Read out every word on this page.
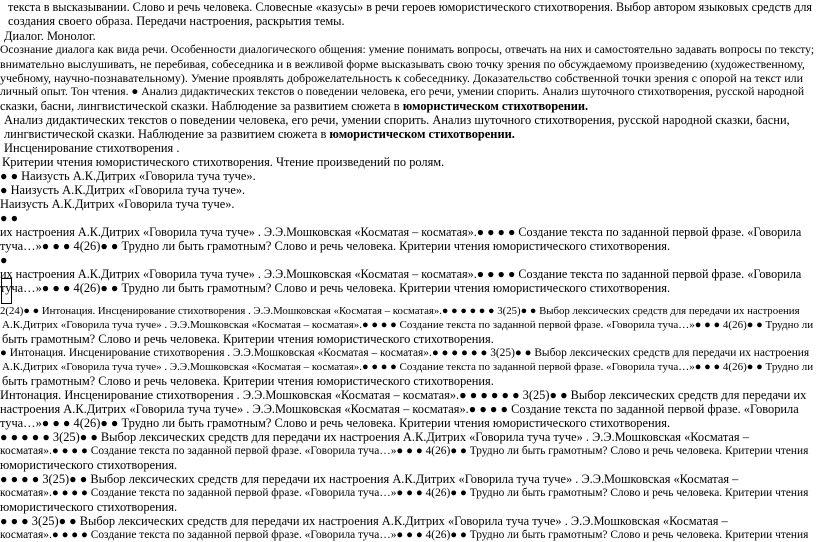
текста в высказывании. Слово и речь человека. Словесные «казусы» в речи героев юмористического стихотворения. Выбор автором языковых средств для
создания своего образа. Передачи настроения, раскрытия темы.
Диалог. Монолог.
Осознание диалога как вида речи. Особенности диалогического общения: умение понимать вопросы, отвечать на них и самостоятельно задавать вопросы по тексту;
внимательно выслушивать, не перебивая, собеседника и в вежливой форме высказывать свою точку зрения по обсуждаемому произведению (художественному,
учебному, научно-познавательному). Умение проявлять доброжелательность к собеседнику. Доказательство собственной точки зрения с опорой на текст или
личный опыт. Тон чтения. ● Анализ дидактических текстов о поведении человека, его речи, умении спорить. Анализ шуточного стихотворения, русской народной
сказки, басни, лингвистической сказки. Наблюдение за развитием сюжета в юмористическом стихотворении.
Анализ дидактических текстов о поведении человека, его речи, умении спорить. Анализ шуточного стихотворения, русской народной сказки, басни,
лингвистической сказки. Наблюдение за развитием сюжета в юмористическом стихотворении.
Инсценирование стихотворения .
Критерии чтения юмористического стихотворения. Чтение произведений по ролям.
● ● Наизусть А.К.Дитрих «Говорила туча туче».
● Наизусть А.К.Дитрих «Говорила туча туче».
Наизусть А.К.Дитрих «Говорила туча туче».
● ●
их настроения А.К.Дитрих «Говорила туча туче» . Э.Э.Мошковская «Косматая – косматая».● ● ● ● Создание текста по заданной первой фразе. «Говорила
туча…»● ● ● 4(26)● ● Трудно ли быть грамотным? Слово и речь человека. Критерии чтения юмористического стихотворения.
●
их настроения А.К.Дитрих «Говорила туча туче» . Э.Э.Мошковская «Косматая – косматая».● ● ● ● Создание текста по заданной первой фразе. «Говорила
туча…»● ● ● 4(26)● ● Трудно ли быть грамотным? Слово и речь человека. Критерии чтения юмористического стихотворения.
2(24)● ● Интонация. Инсценирование стихотворения . Э.Э.Мошковская «Косматая – косматая».● ● ● ● ● ● 3(25)● ● Выбор лексических средств для передачи их настроения
А.К.Дитрих «Говорила туча туче» . Э.Э.Мошковская «Косматая – косматая».● ● ● ● Создание текста по заданной первой фразе. «Говорила туча…»● ● ● 4(26)● ● Трудно ли
быть грамотным? Слово и речь человека. Критерии чтения юмористического стихотворения.
● Интонация. Инсценирование стихотворения . Э.Э.Мошковская «Косматая – косматая».● ● ● ● ● ● 3(25)● ● Выбор лексических средств для передачи их настроения
А.К.Дитрих «Говорила туча туче» . Э.Э.Мошковская «Косматая – косматая».● ● ● ● Создание текста по заданной первой фразе. «Говорила туча…»● ● ● 4(26)● ● Трудно ли
быть грамотным? Слово и речь человека. Критерии чтения юмористического стихотворения.
Интонация. Инсценирование стихотворения . Э.Э.Мошковская «Косматая – косматая».● ● ● ● ● ● 3(25)● ● Выбор лексических средств для передачи их
настроения А.К.Дитрих «Говорила туча туче» . Э.Э.Мошковская «Косматая – косматая».● ● ● ● Создание текста по заданной первой фразе. «Говорила
туча…»● ● ● 4(26)● ● Трудно ли быть грамотным? Слово и речь человека. Критерии чтения юмористического стихотворения.
● ● ● ● ● 3(25)● ● Выбор лексических средств для передачи их настроения А.К.Дитрих «Говорила туча туче» . Э.Э.Мошковская «Косматая –
косматая».● ● ● ● Создание текста по заданной первой фразе. «Говорила туча…»● ● ● 4(26)● ● Трудно ли быть грамотным? Слово и речь человека. Критерии чтения
юмористического стихотворения.
● ● ● ● 3(25)● ● Выбор лексических средств для передачи их настроения А.К.Дитрих «Говорила туча туче» . Э.Э.Мошковская «Косматая –
косматая».● ● ● ● Создание текста по заданной первой фразе. «Говорила туча…»● ● ● 4(26)● ● Трудно ли быть грамотным? Слово и речь человека. Критерии чтения
юмористического стихотворения.
● ● ● 3(25)● ● Выбор лексических средств для передачи их настроения А.К.Дитрих «Говорила туча туче» . Э.Э.Мошковская «Косматая –
косматая».● ● ● ● Создание текста по заданной первой фразе. «Говорила туча…»● ● ● 4(26)● ● Трудно ли быть грамотным? Слово и речь человека. Критерии чтения
